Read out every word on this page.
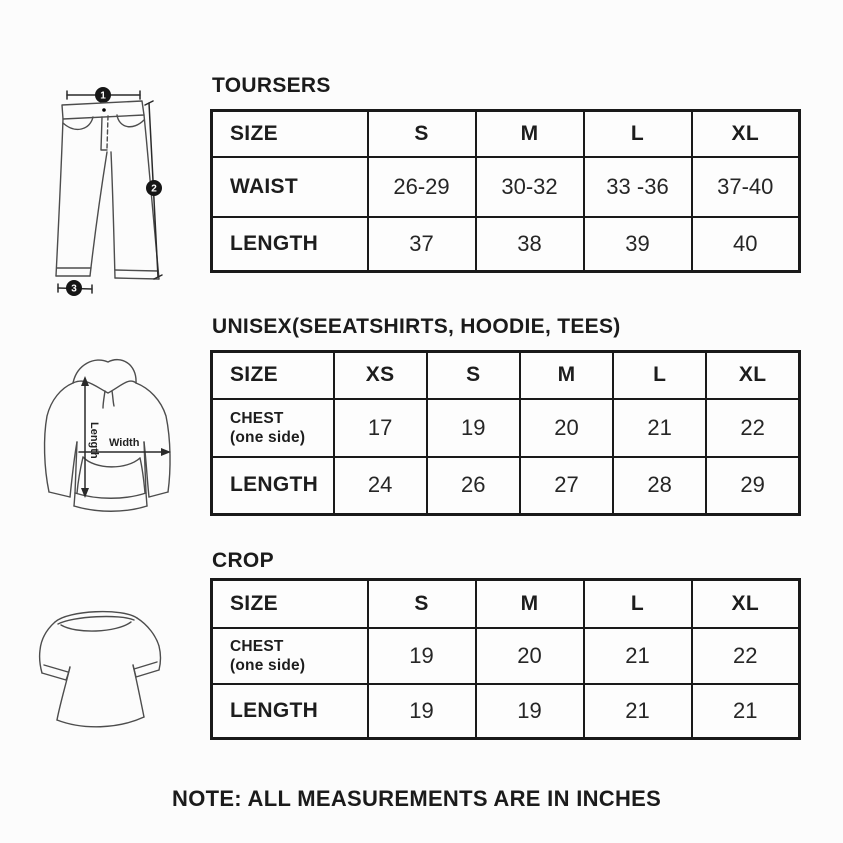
1
2
3
TOURSERS
SIZE	S	M	L	XL
WAIST	26-29	30-32	33 -36	37-40
LENGTH	37	38	39	40
Width
Length
UNISEX(SEEATSHIRTS, HOODIE, TEES)
SIZE	XS	S	M	L	XL

CHEST
(one side)	17	19	20	21	22
LENGTH	24	26	27	28	29
CROP
SIZE	S	M	L	XL

CHEST
(one side)	19	20	21	22
LENGTH	19	19	21	21
NOTE: ALL MEASUREMENTS ARE IN INCHES
